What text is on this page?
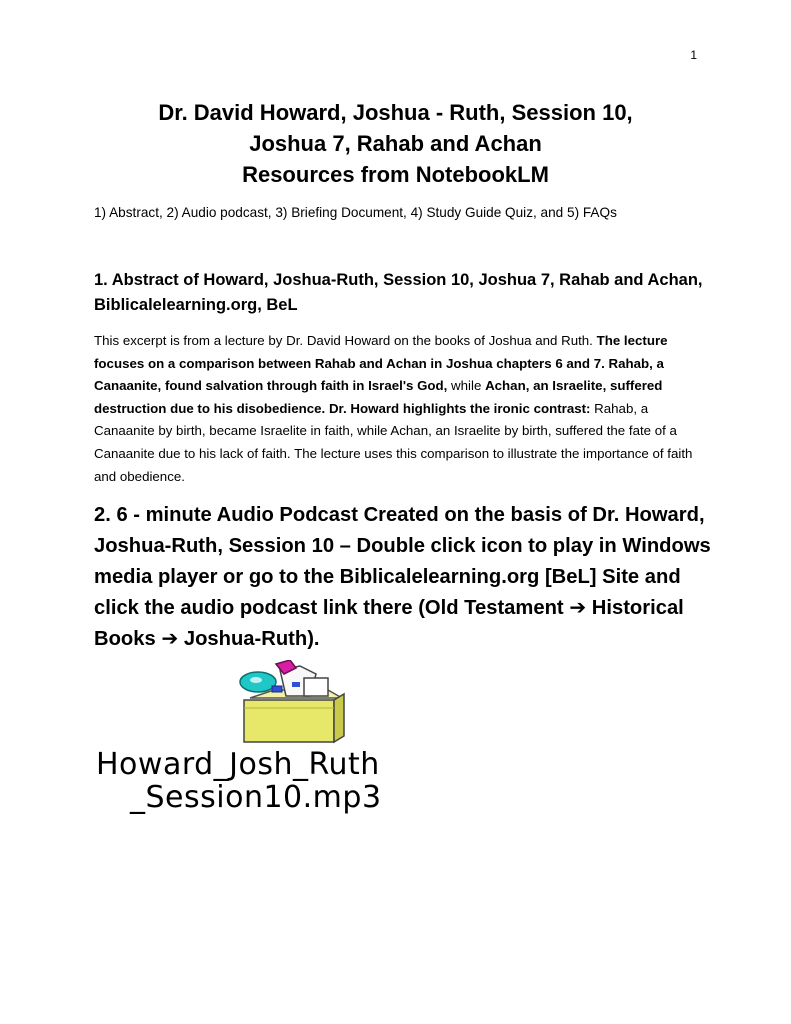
1
Dr. David Howard, Joshua - Ruth, Session 10,
Joshua 7, Rahab and Achan
Resources from NotebookLM
1) Abstract, 2) Audio podcast, 3) Briefing Document, 4) Study Guide Quiz, and 5) FAQs
1. Abstract of Howard, Joshua-Ruth, Session 10, Joshua 7, Rahab and Achan, Biblicalelearning.org, BeL
This excerpt is from a lecture by Dr. David Howard on the books of Joshua and Ruth. The lecture focuses on a comparison between Rahab and Achan in Joshua chapters 6 and 7. Rahab, a Canaanite, found salvation through faith in Israel's God, while Achan, an Israelite, suffered destruction due to his disobedience. Dr. Howard highlights the ironic contrast: Rahab, a Canaanite by birth, became Israelite in faith, while Achan, an Israelite by birth, suffered the fate of a Canaanite due to his lack of faith. The lecture uses this comparison to illustrate the importance of faith and obedience.
2. 6 - minute Audio Podcast Created on the basis of Dr. Howard, Joshua-Ruth, Session 10 – Double click icon to play in Windows media player or go to the Biblicalelearning.org [BeL] Site and click the audio podcast link there (Old Testament ➔ Historical Books ➔ Joshua-Ruth).
Howard_Josh_Ruth
_Session10.mp3
